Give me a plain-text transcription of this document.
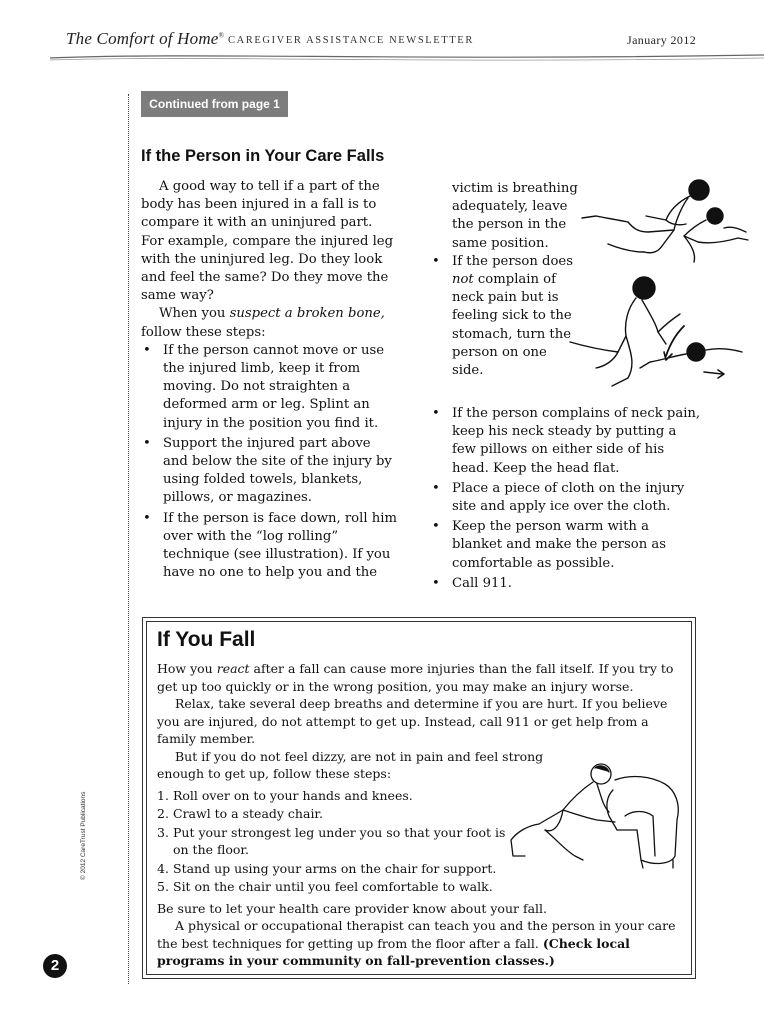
The Comfort of Home® CAREGIVER ASSISTANCE NEWSLETTER	January 2012
© 2012 CareTrust Publications
2
Continued from page 1
If the Person in Your Care Falls

A good way to tell if a part of the body has been injured in a fall is to compare it with an uninjured part. For example, compare the injured leg with the uninjured leg. Do they look and feel the same? Do they move the same way?

When you suspect a broken bone, follow these steps:

• If the person cannot move or use the injured limb, keep it from moving. Do not straighten a deformed arm or leg. Splint an injury in the position you find it.
• Support the injured part above and below the site of the injury by using folded towels, blankets, pillows, or magazines.
• If the person is face down, roll him over with the “log rolling” technique (see illustration). If you have no one to help you and the

victim is breathing adequately, leave the person in the same position.

• If the person does not complain of neck pain but is feeling sick to the stomach, turn the person on one side.
• If the person complains of neck pain, keep his neck steady by putting a few pillows on either side of his head. Keep the head flat.
• Place a piece of cloth on the injury site and apply ice over the cloth.
• Keep the person warm with a blanket and make the person as comfortable as possible.
• Call 911.
If You Fall

How you react after a fall can cause more injuries than the fall itself. If you try to get up too quickly or in the wrong position, you may make an injury worse.

Relax, take several deep breaths and determine if you are hurt. If you believe you are injured, do not attempt to get up. Instead, call 911 or get help from a family member.

But if you do not feel dizzy, are not in pain and feel strong enough to get up, follow these steps:

1. Roll over on to your hands and knees.
2. Crawl to a steady chair.
3. Put your strongest leg under you so that your foot is on the floor.
4. Stand up using your arms on the chair for support.
5. Sit on the chair until you feel comfortable to walk.

Be sure to let your health care provider know about your fall.

A physical or occupational therapist can teach you and the person in your care the best techniques for getting up from the floor after a fall. (Check local programs in your community on fall-prevention classes.)
